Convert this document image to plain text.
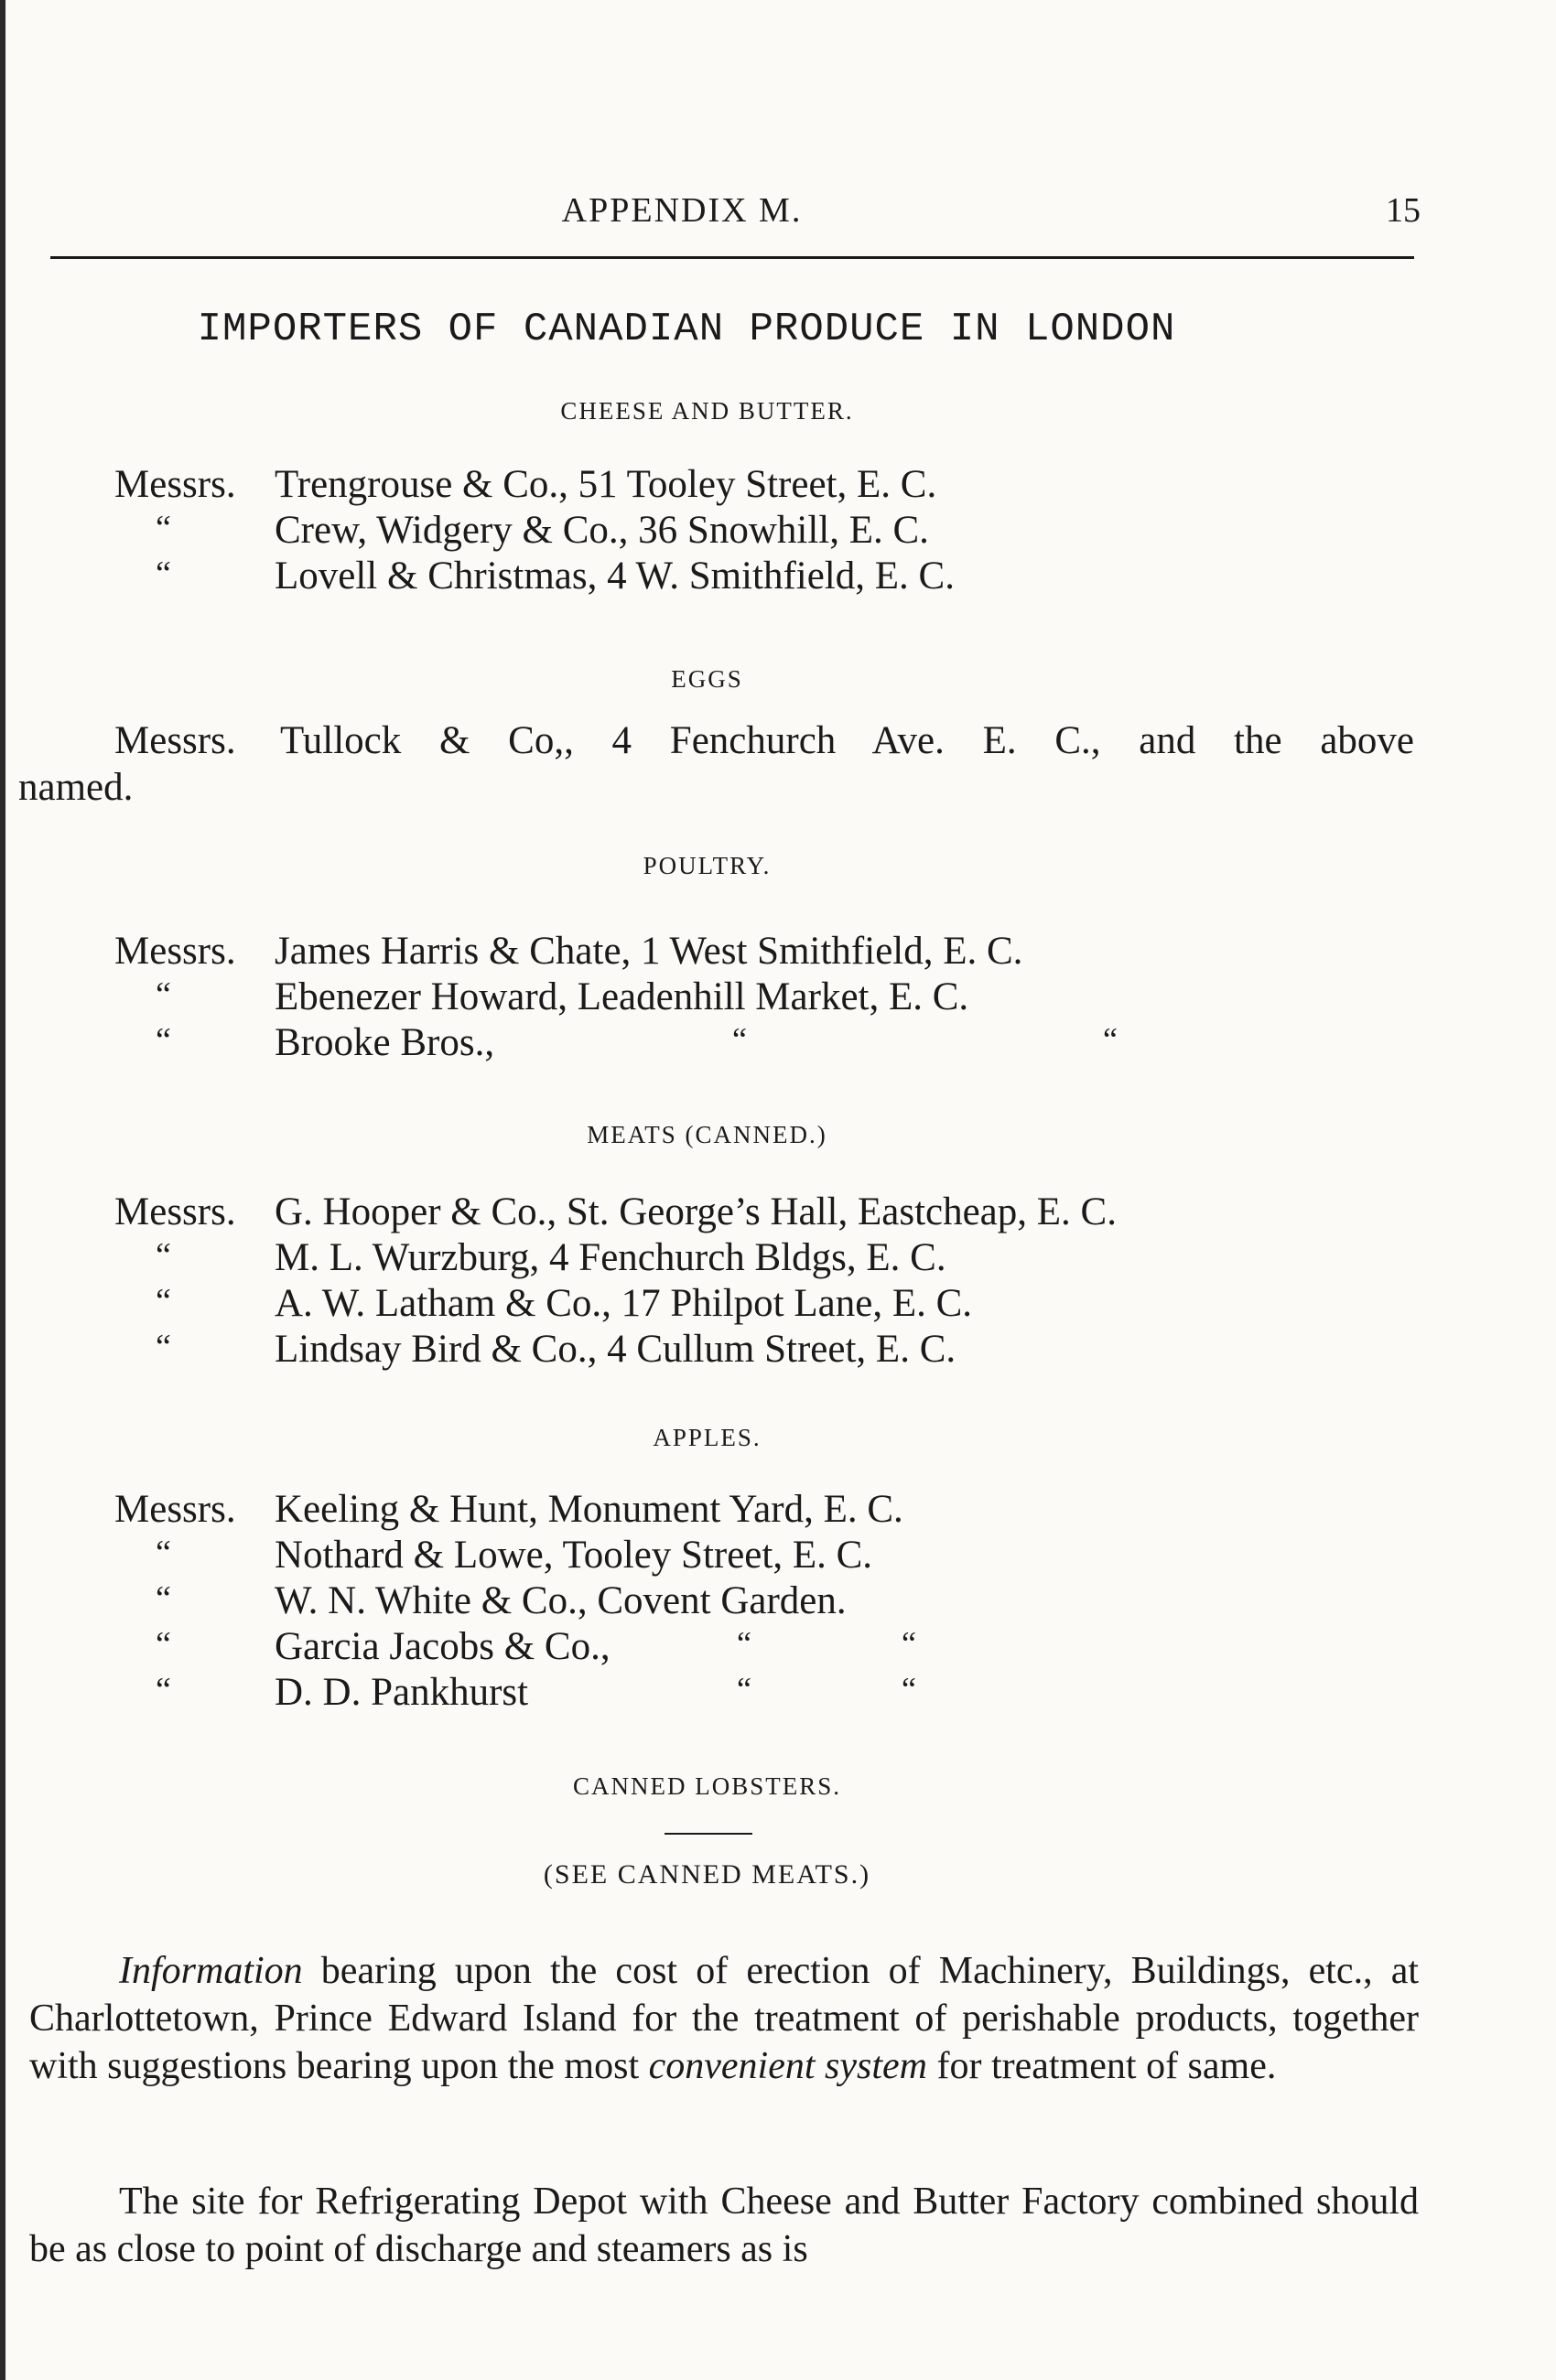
APPENDIX M.	15
IMPORTERS OF CANADIAN PRODUCE IN LONDON
CHEESE AND BUTTER.
Messrs. Trengrouse & Co., 51 Tooley Street, E. C.
“	Crew, Widgery & Co., 36 Snowhill, E. C.
“	Lovell & Christmas, 4 W. Smithfield, E. C.
EGGS
Messrs. Tullock & Co,, 4 Fenchurch Ave. E. C., and the above
named.
POULTRY.
Messrs. James Harris & Chate, 1 West Smithfield, E. C.
“	Ebenezer Howard, Leadenhill Market, E. C.
“	Brooke Bros.,	“	“
MEATS (CANNED.)
Messrs. G. Hooper & Co., St. George’s Hall, Eastcheap, E. C.
“	M. L. Wurzburg, 4 Fenchurch Bldgs, E. C.
“	A. W. Latham & Co., 17 Philpot Lane, E. C.
“	Lindsay Bird & Co., 4 Cullum Street, E. C.
APPLES.
Messrs. Keeling & Hunt, Monument Yard, E. C.
“	Nothard & Lowe, Tooley Street, E. C.
“	W. N. White & Co., Covent Garden.
“	Garcia Jacobs & Co.,	“	“
“	D. D. Pankhurst	“	“
CANNED LOBSTERS.
(SEE CANNED MEATS.)
Information bearing upon the cost of erection of Machinery, Buildings, etc., at Charlottetown, Prince Edward Island for the treatment of perishable products, together with suggestions bearing upon the most convenient system for treatment of same.
The site for Refrigerating Depot with Cheese and Butter Factory combined should be as close to point of discharge and steamers as is
